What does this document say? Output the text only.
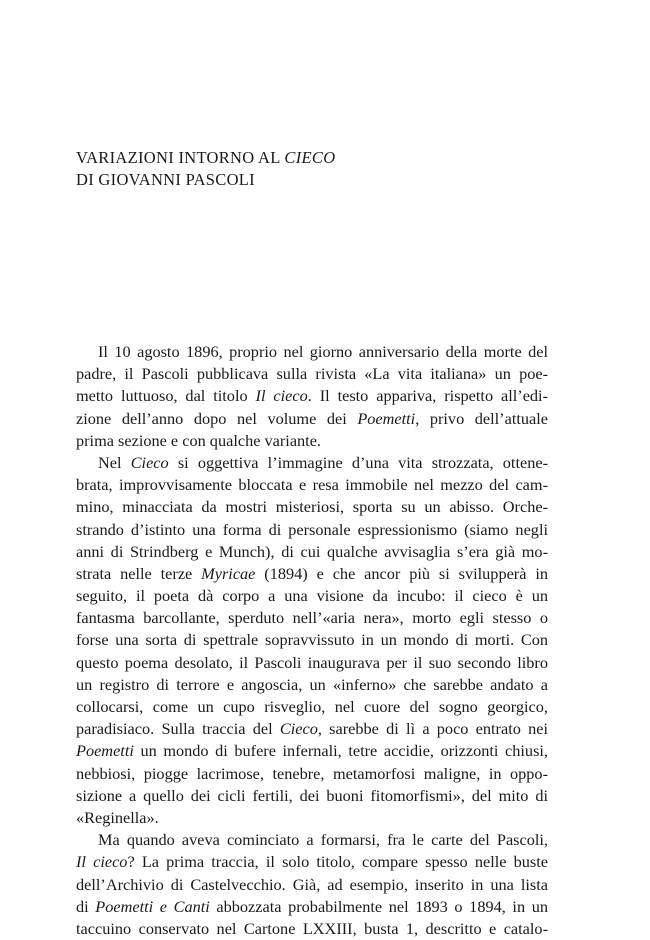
VARIAZIONI INTORNO AL CIECO
DI GIOVANNI PASCOLI
Il 10 agosto 1896, proprio nel giorno anniversario della morte del
padre, il Pascoli pubblicava sulla rivista «La vita italiana» un poe-
metto luttuoso, dal titolo Il cieco. Il testo appariva, rispetto all’edi-
zione dell’anno dopo nel volume dei Poemetti, privo dell’attuale
prima sezione e con qualche variante.
Nel Cieco si oggettiva l’immagine d’una vita strozzata, ottene-
brata, improvvisamente bloccata e resa immobile nel mezzo del cam-
mino, minacciata da mostri misteriosi, sporta su un abisso. Orche-
strando d’istinto una forma di personale espressionismo (siamo negli
anni di Strindberg e Munch), di cui qualche avvisaglia s’era già mo-
strata nelle terze Myricae (1894) e che ancor più si svilupperà in
seguito, il poeta dà corpo a una visione da incubo: il cieco è un
fantasma barcollante, sperduto nell’«aria nera», morto egli stesso o
forse una sorta di spettrale sopravvissuto in un mondo di morti. Con
questo poema desolato, il Pascoli inaugurava per il suo secondo libro
un registro di terrore e angoscia, un «inferno» che sarebbe andato a
collocarsi, come un cupo risveglio, nel cuore del sogno georgico,
paradisiaco. Sulla traccia del Cieco, sarebbe di lì a poco entrato nei
Poemetti un mondo di bufere infernali, tetre accidie, orizzonti chiusi,
nebbiosi, piogge lacrimose, tenebre, metamorfosi maligne, in oppo-
sizione a quello dei cicli fertili, dei buoni fitomorfismi», del mito di
«Reginella».
Ma quando aveva cominciato a formarsi, fra le carte del Pascoli,
Il cieco? La prima traccia, il solo titolo, compare spesso nelle buste
dell’Archivio di Castelvecchio. Già, ad esempio, inserito in una lista
di Poemetti e Canti abbozzata probabilmente nel 1893 o 1894, in un
taccuino conservato nel Cartone LXXIII, busta 1, descritto e catalo-
